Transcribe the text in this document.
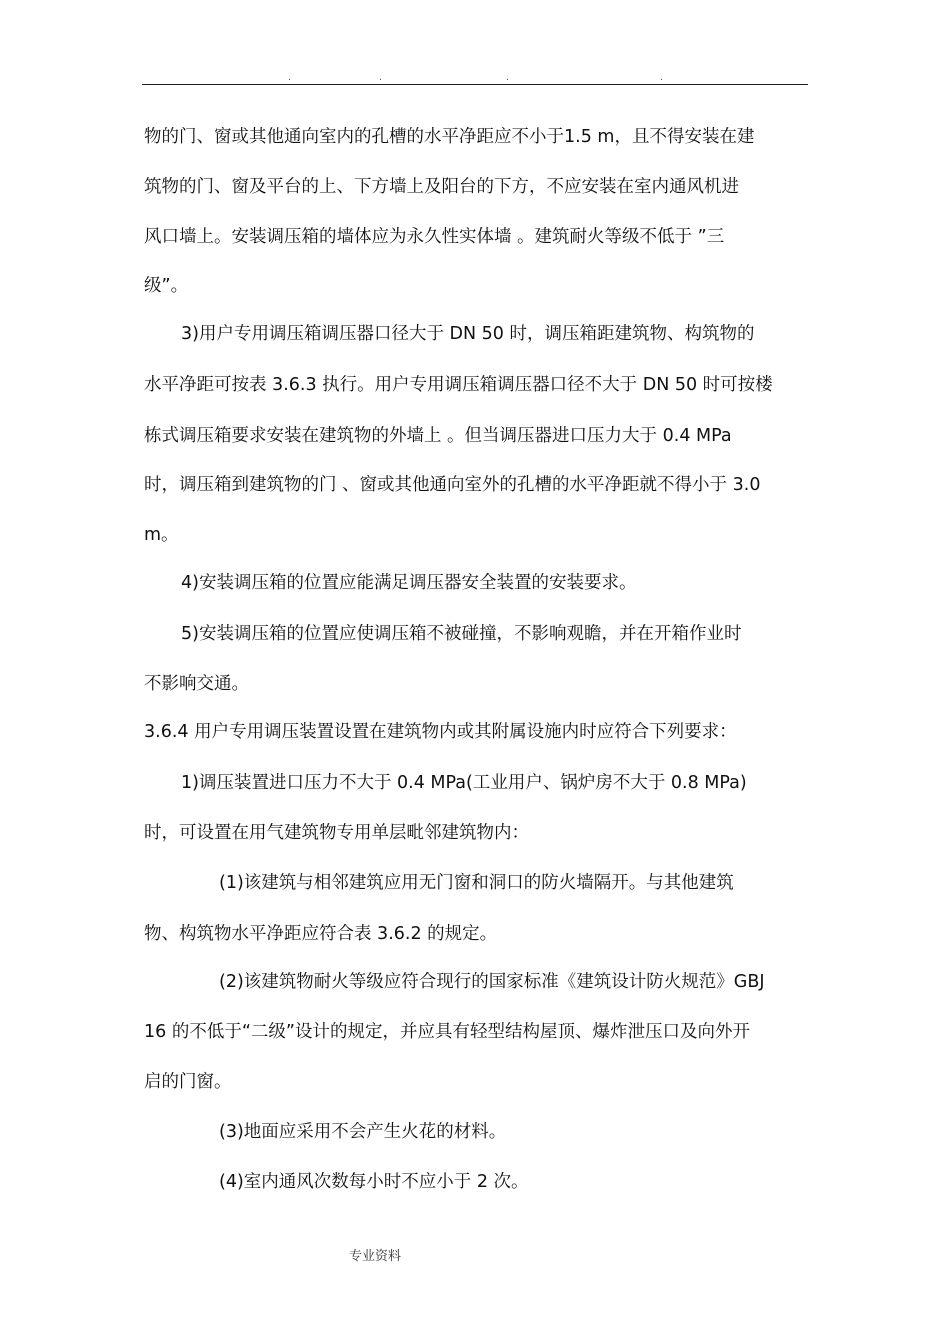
.	.	.	.
物的门、窗或其他通向室内的孔槽的水平净距应不小于1.5 m，且不得安装在建
筑物的门、窗及平台的上、下方墙上及阳台的下方，不应安装在室内通风机进
风口墙上。安装调压箱的墙体应为永久性实体墙 。建筑耐火等级不低于 ”三
级”。
3)用户专用调压箱调压器口径大于 DN 50 时，调压箱距建筑物、构筑物的
水平净距可按表 3.6.3 执行。用户专用调压箱调压器口径不大于 DN 50 时可按楼
栋式调压箱要求安装在建筑物的外墙上 。但当调压器进口压力大于 0.4 MPa
时，调压箱到建筑物的门 、窗或其他通向室外的孔槽的水平净距就不得小于 3.0
m。
4)安装调压箱的位置应能满足调压器安全装置的安装要求。
5)安装调压箱的位置应使调压箱不被碰撞，不影响观瞻，并在开箱作业时
不影响交通。
3.6.4 用户专用调压装置设置在建筑物内或其附属设施内时应符合下列要求：
1)调压装置进口压力不大于 0.4 MPa(工业用户、锅炉房不大于 0.8 MPa)
时，可设置在用气建筑物专用单层毗邻建筑物内：
(1)该建筑与相邻建筑应用无门窗和洞口的防火墙隔开。与其他建筑
物、构筑物水平净距应符合表 3.6.2 的规定。
(2)该建筑物耐火等级应符合现行的国家标准《建筑设计防火规范》GBJ
16 的不低于“二级”设计的规定，并应具有轻型结构屋顶、爆炸泄压口及向外开
启的门窗。
(3)地面应采用不会产生火花的材料。
(4)室内通风次数每小时不应小于 2 次。
专业资料
